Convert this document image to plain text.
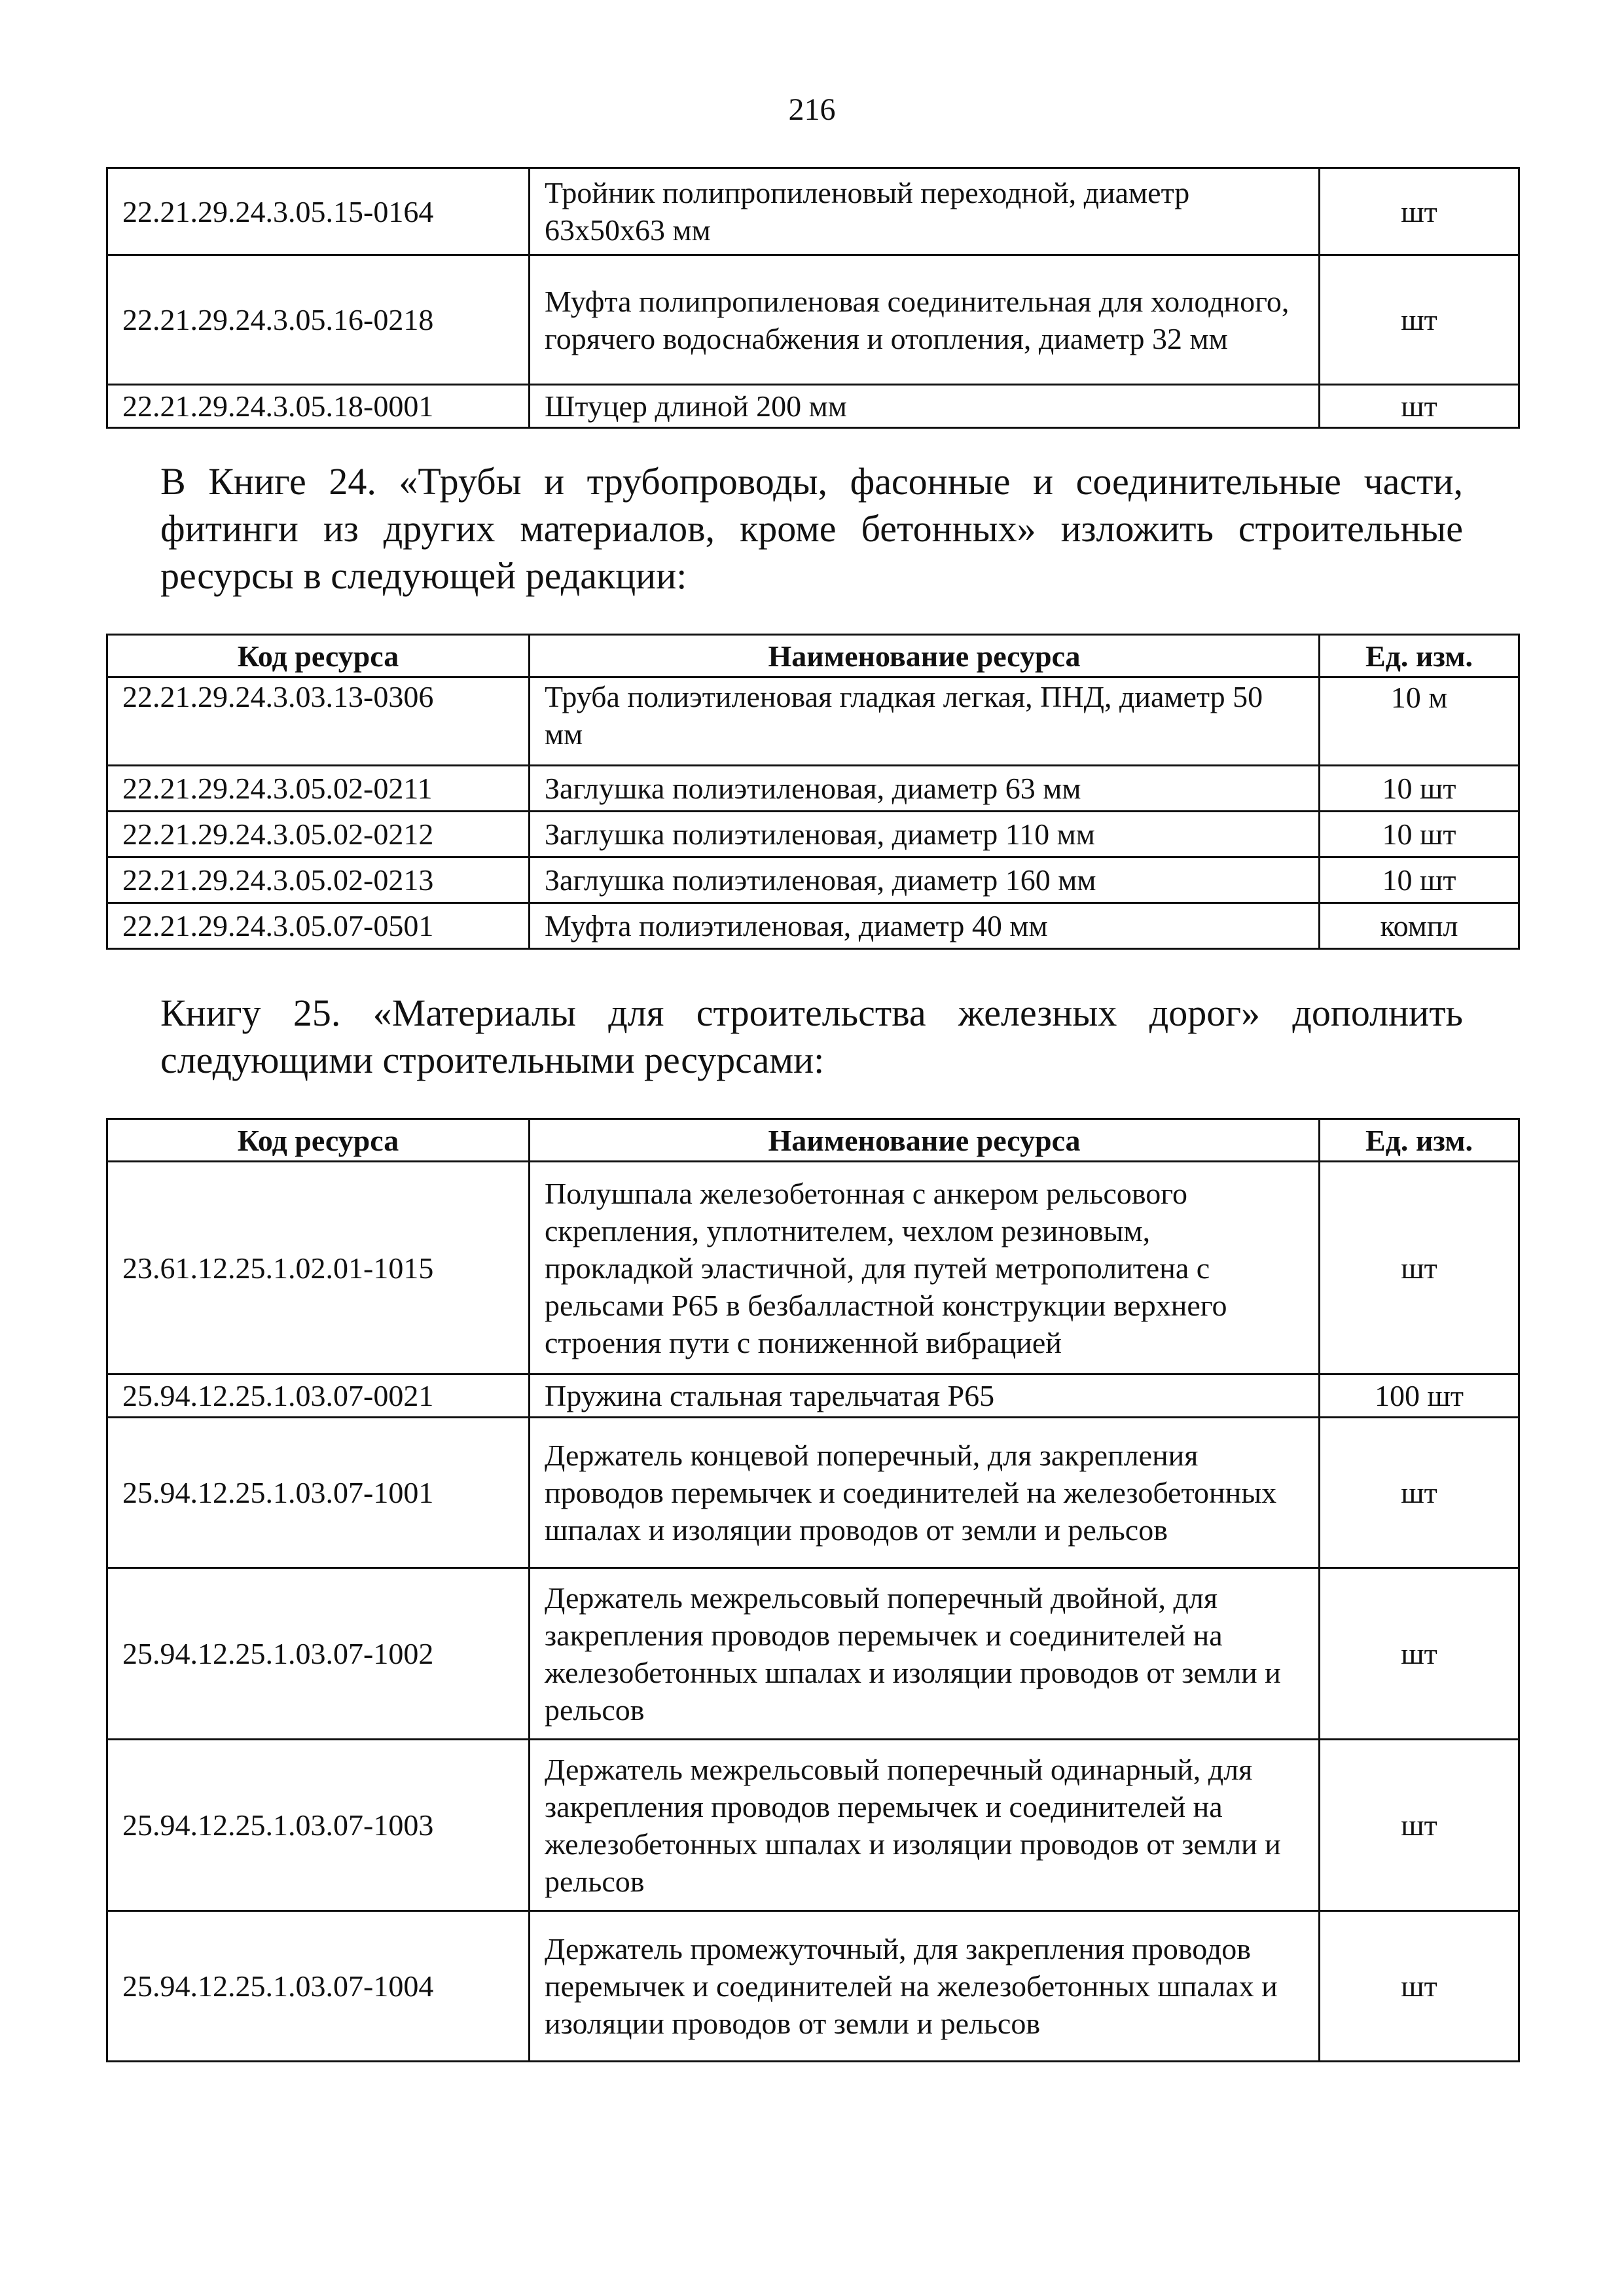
216
22.21.29.24.3.05.15-0164	Тройник полипропиленовый переходной, диаметр 63х50х63 мм	шт
22.21.29.24.3.05.16-0218	Муфта полипропиленовая соединительная для холодного, горячего водоснабжения и отопления, диаметр 32 мм	шт
22.21.29.24.3.05.18-0001	Штуцер длиной 200 мм	шт

В Книге 24. «Трубы и трубопроводы, фасонные и соединительные части, фитинги из других материалов, кроме бетонных» изложить строительные ресурсы в следующей редакции:

Код ресурса	Наименование ресурса	Ед. изм.
22.21.29.24.3.03.13-0306	Труба полиэтиленовая гладкая легкая, ПНД, диаметр 50 мм	10 м
22.21.29.24.3.05.02-0211	Заглушка полиэтиленовая, диаметр 63 мм	10 шт
22.21.29.24.3.05.02-0212	Заглушка полиэтиленовая, диаметр 110 мм	10 шт
22.21.29.24.3.05.02-0213	Заглушка полиэтиленовая, диаметр 160 мм	10 шт
22.21.29.24.3.05.07-0501	Муфта полиэтиленовая, диаметр 40 мм	компл

Книгу 25. «Материалы для строительства железных дорог» дополнить следующими строительными ресурсами:

Код ресурса	Наименование ресурса	Ед. изм.
23.61.12.25.1.02.01-1015	Полушпала железобетонная с анкером рельсового скрепления, уплотнителем, чехлом резиновым, прокладкой эластичной, для путей метрополитена с рельсами Р65 в безбалластной конструкции верхнего строения пути с пониженной вибрацией	шт
25.94.12.25.1.03.07-0021	Пружина стальная тарельчатая Р65	100 шт
25.94.12.25.1.03.07-1001	Держатель концевой поперечный, для закрепления проводов перемычек и соединителей на железобетонных шпалах и изоляции проводов от земли и рельсов	шт
25.94.12.25.1.03.07-1002	Держатель межрельсовый поперечный двойной, для закрепления проводов перемычек и соединителей на железобетонных шпалах и изоляции проводов от земли и рельсов	шт
25.94.12.25.1.03.07-1003	Держатель межрельсовый поперечный одинарный, для закрепления проводов перемычек и соединителей на железобетонных шпалах и изоляции проводов от земли и рельсов	шт
25.94.12.25.1.03.07-1004	Держатель промежуточный, для закрепления проводов перемычек и соединителей на железобетонных шпалах и изоляции проводов от земли и рельсов	шт
